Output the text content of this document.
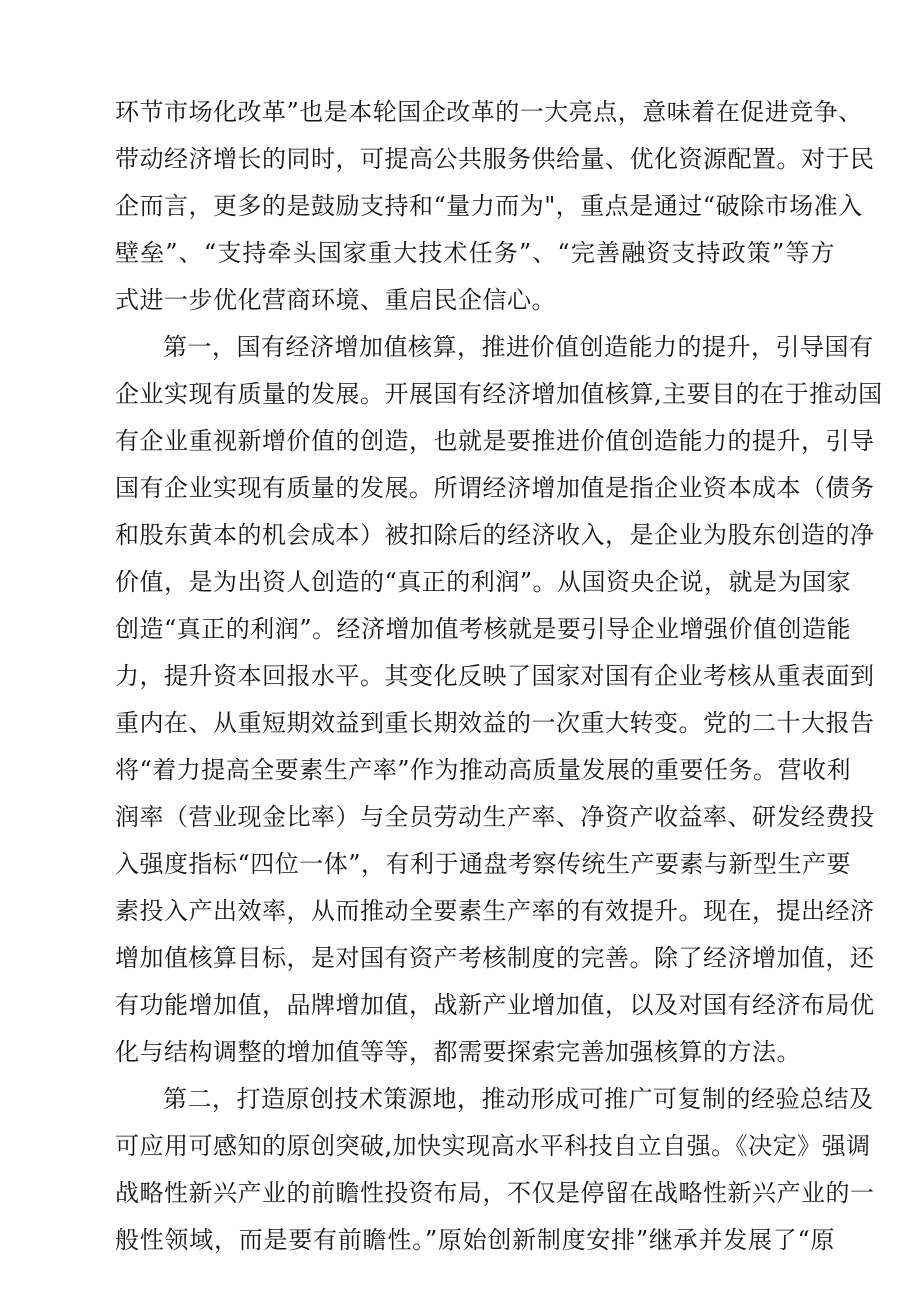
环节市场化改革”也是本轮国企改革的一大亮点，意味着在促进竞争、
带动经济增长的同时，可提高公共服务供给量、优化资源配置。对于民
企而言，更多的是鼓励支持和“量力而为"，重点是通过“破除市场准入
壁垒”、“支持牵头国家重大技术任务”、“完善融资支持政策”等方
式进一步优化营商环境、重启民企信心。
第一，国有经济增加值核算，推进价值创造能力的提升，引导国有
企业实现有质量的发展。开展国有经济增加值核算,主要目的在于推动国
有企业重视新增价值的创造，也就是要推进价值创造能力的提升，引导
国有企业实现有质量的发展。所谓经济增加值是指企业资本成本（债务
和股东黄本的机会成本）被扣除后的经济收入，是企业为股东创造的净
价值，是为出资人创造的“真正的利润”。从国资央企说，就是为国家
创造“真正的利润”。经济增加值考核就是要引导企业增强价值创造能
力，提升资本回报水平。其变化反映了国家对国有企业考核从重表面到
重内在、从重短期效益到重长期效益的一次重大转变。党的二十大报告
将“着力提高全要素生产率”作为推动高质量发展的重要任务。营收利
润率（营业现金比率）与全员劳动生产率、净资产收益率、研发经费投
入强度指标“四位一体”，有利于通盘考察传统生产要素与新型生产要
素投入产出效率，从而推动全要素生产率的有效提升。现在，提出经济
增加值核算目标，是对国有资产考核制度的完善。除了经济增加值，还
有功能增加值，品牌增加值，战新产业增加值，以及对国有经济布局优
化与结构调整的增加值等等，都需要探索完善加强核算的方法。
第二，打造原创技术策源地，推动形成可推广可复制的经验总结及
可应用可感知的原创突破,加快实现高水平科技自立自强。《决定》强调
战略性新兴产业的前瞻性投资布局，不仅是停留在战略性新兴产业的一
般性领域，而是要有前瞻性。”原始创新制度安排”继承并发展了“原
